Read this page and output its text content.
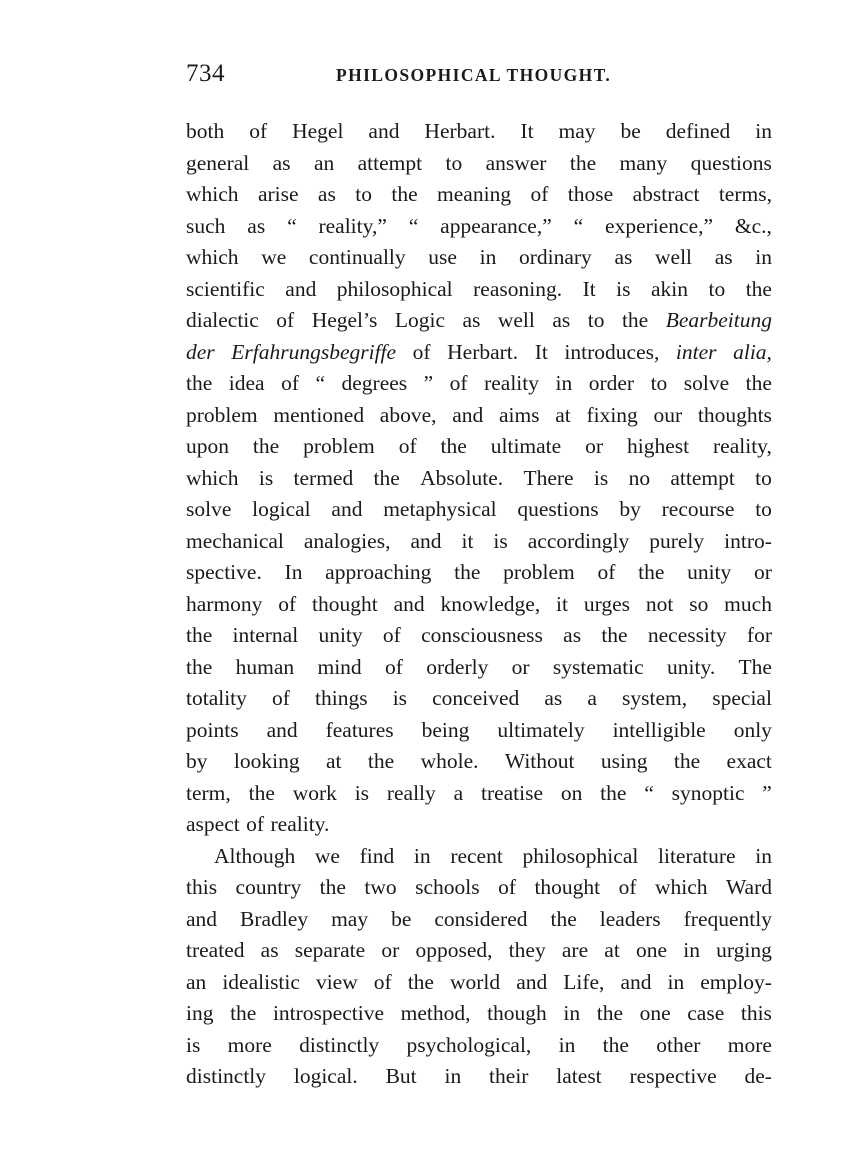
734	PHILOSOPHICAL THOUGHT.
both of Hegel and Herbart. It may be defined in
general as an attempt to answer the many questions
which arise as to the meaning of those abstract terms,
such as “ reality,” “ appearance,” “ experience,” &c.,
which we continually use in ordinary as well as in
scientific and philosophical reasoning. It is akin to the
dialectic of Hegel’s Logic as well as to the Bearbeitung
der Erfahrungsbegriffe of Herbart. It introduces, inter alia,
the idea of “ degrees ” of reality in order to solve the
problem mentioned above, and aims at fixing our thoughts
upon the problem of the ultimate or highest reality,
which is termed the Absolute. There is no attempt to
solve logical and metaphysical questions by recourse to
mechanical analogies, and it is accordingly purely intro-
spective. In approaching the problem of the unity or
harmony of thought and knowledge, it urges not so much
the internal unity of consciousness as the necessity for
the human mind of orderly or systematic unity. The
totality of things is conceived as a system, special
points and features being ultimately intelligible only
by looking at the whole. Without using the exact
term, the work is really a treatise on the “ synoptic ”
aspect of reality.
Although we find in recent philosophical literature in
this country the two schools of thought of which Ward
and Bradley may be considered the leaders frequently
treated as separate or opposed, they are at one in urging
an idealistic view of the world and Life, and in employ-
ing the introspective method, though in the one case this
is more distinctly psychological, in the other more
distinctly logical. But in their latest respective de-
